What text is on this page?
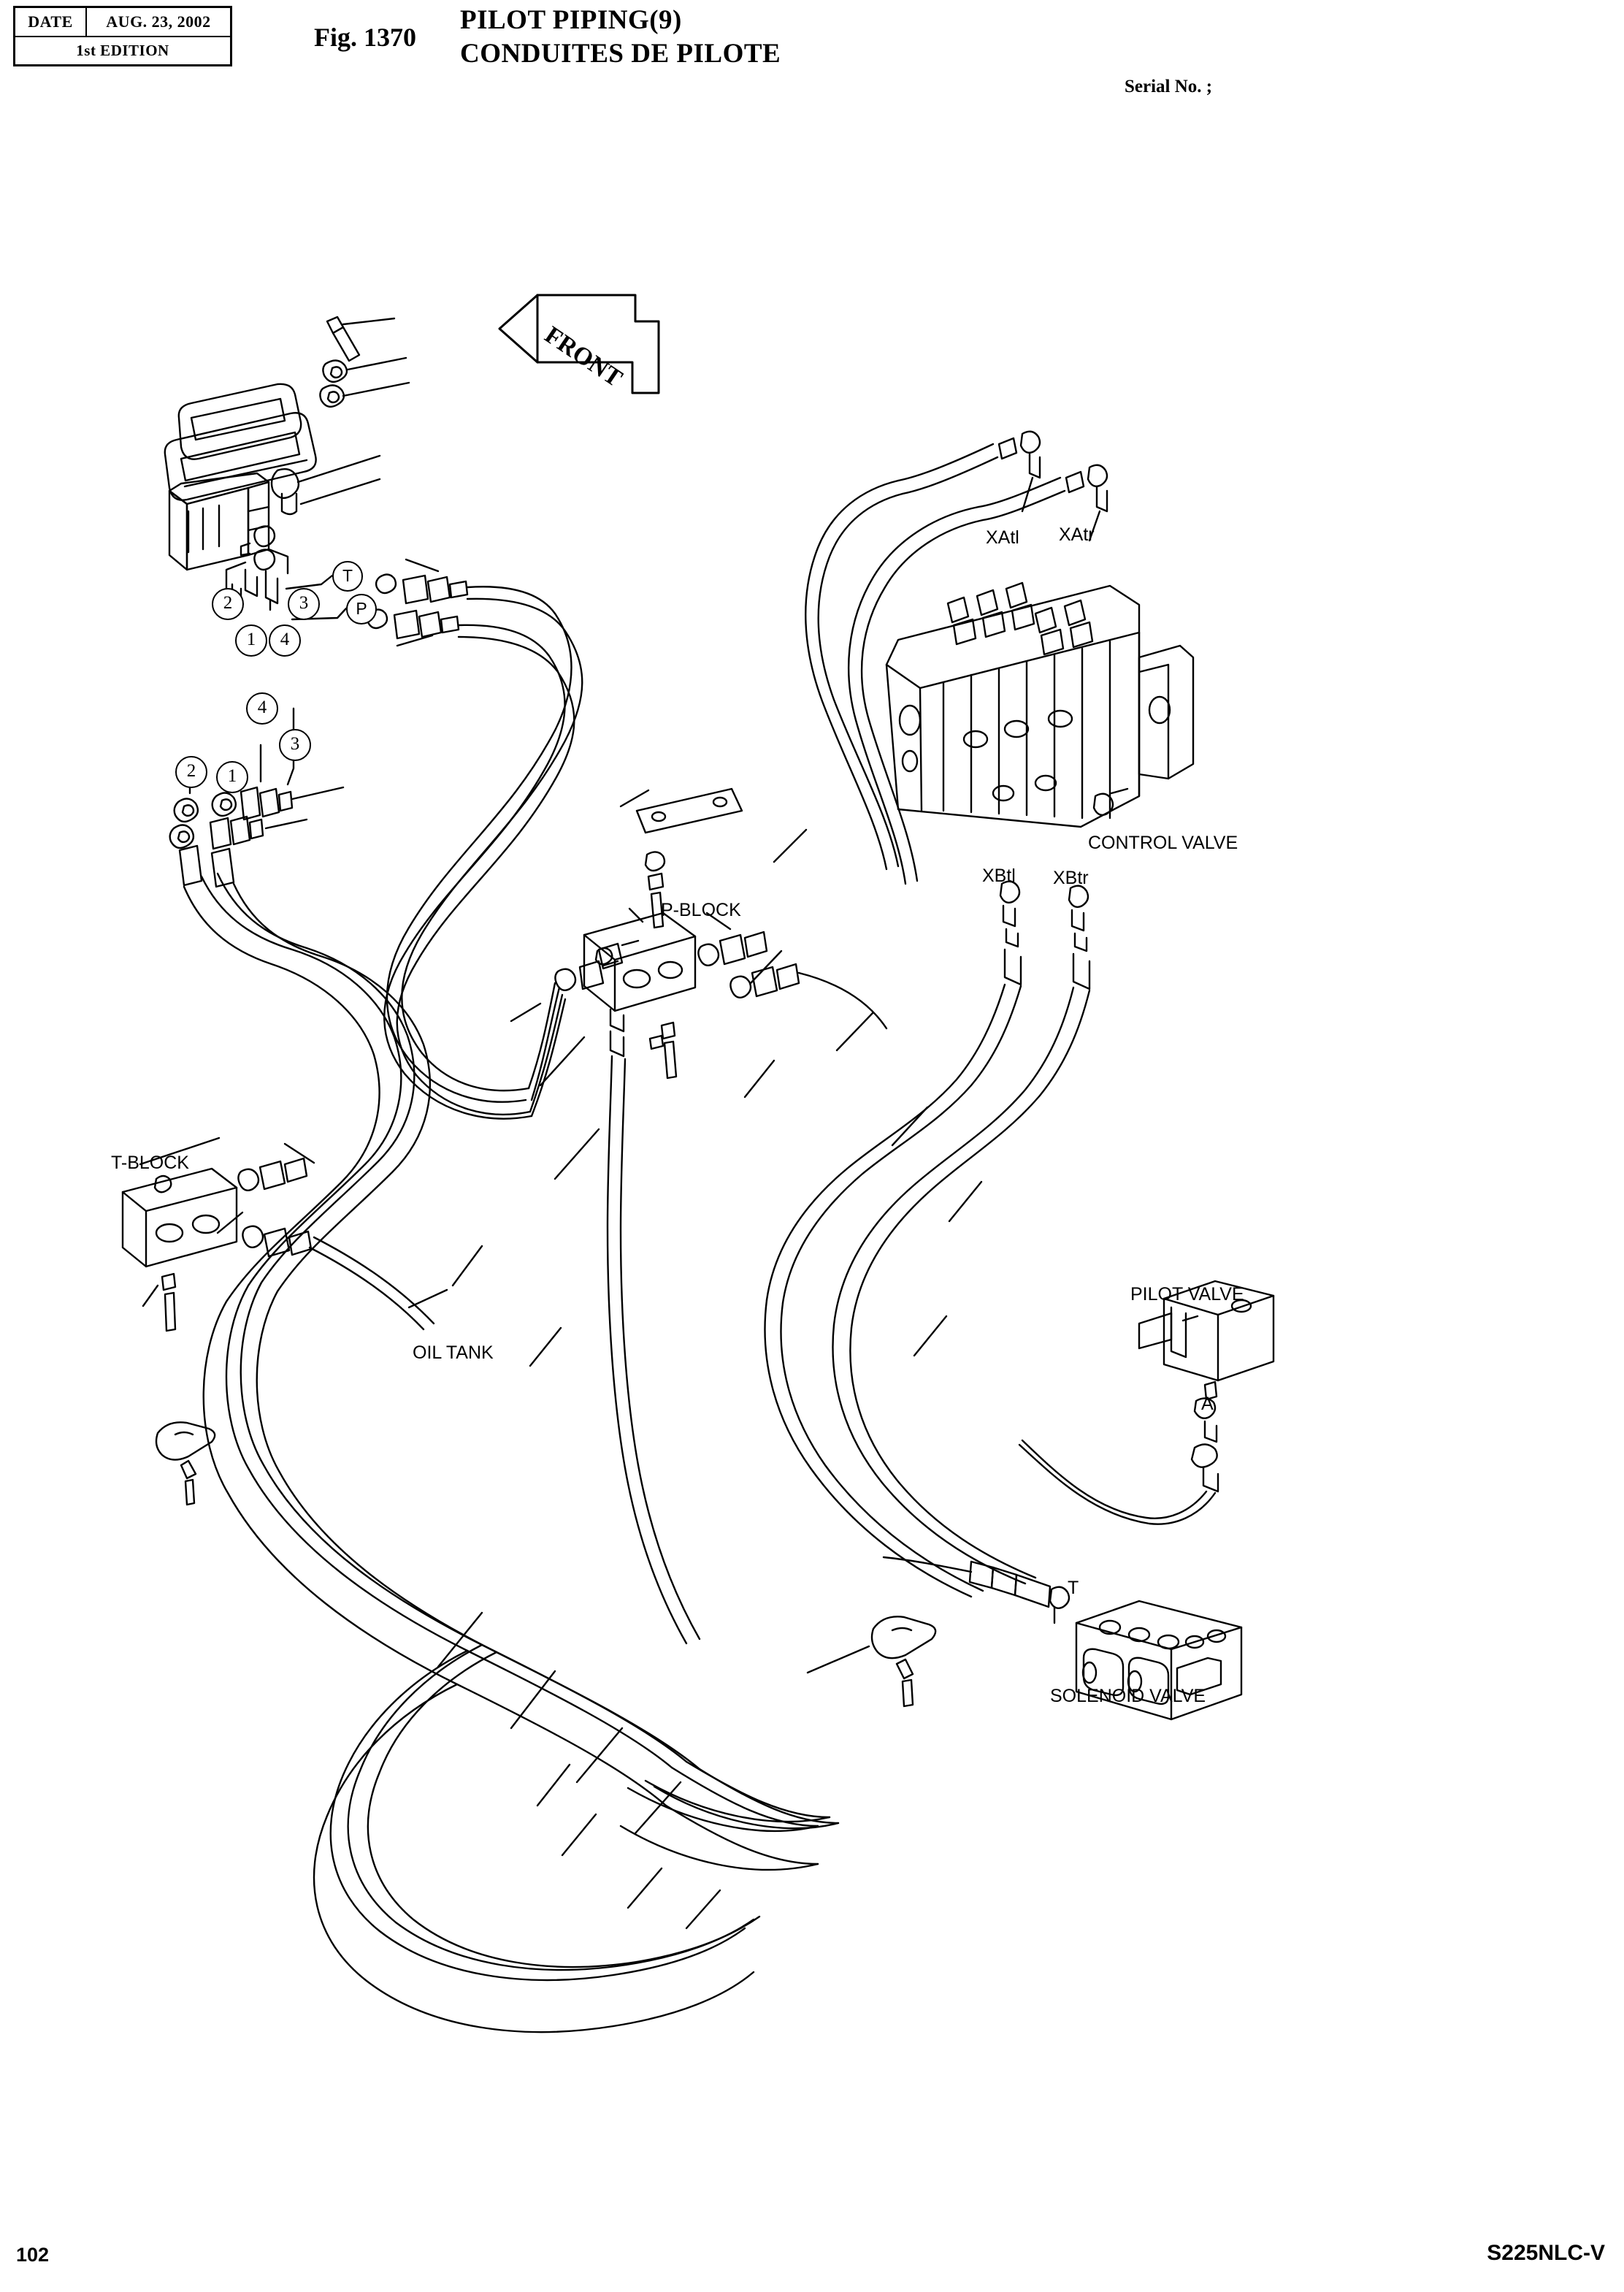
DATE	AUG. 23, 2002
1st EDITION	Fig. 1370
PILOT PIPING(9)
CONDUITES DE PILOTE
Serial No. ;
XAtl XAtr
CONTROL VALVE
XBtl XBtr
P-BLOCK
T-BLOCK
OIL TANK
PILOT VALVE
A
T
SOLENOID VALVE
FRONT
2	3
1	4
4
3
2	1
T
P
102	S225NLC-V
